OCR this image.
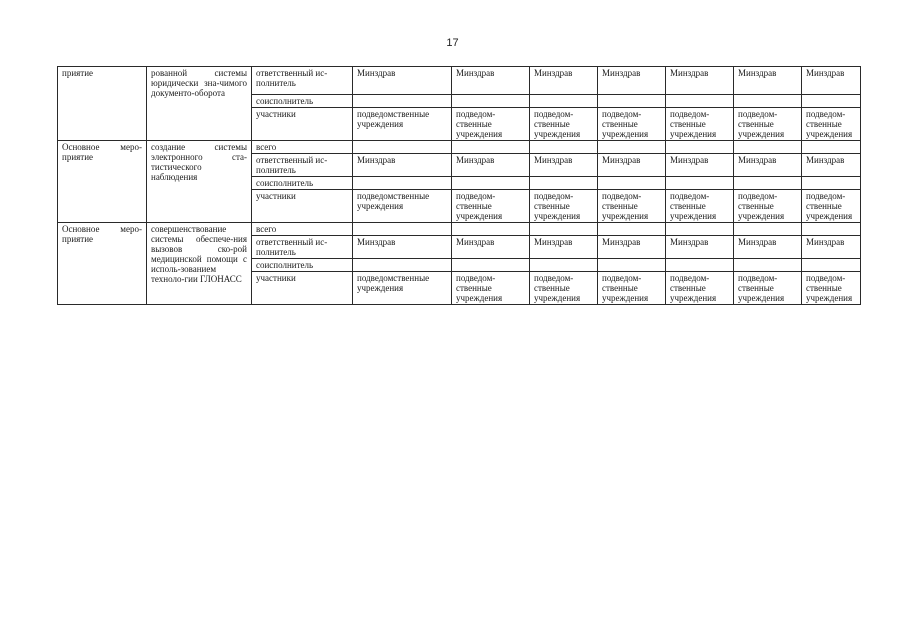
17
приятие	рованной системы юридически зна-чимого документо-оборота	ответственный ис-полнитель	Минздрав	Минздрав	Минздрав	Минздрав	Минздрав	Минздрав	Минздрав
		соисполнитель							
		участники	подведомственные учреждения	подведом-ственные учреждения	подведом-ственные учреждения	подведом-ственные учреждения	подведом-ственные учреждения	подведом-ственные учреждения	подведом-ственные учреждения
Основное меро-приятие	создание системы электронного ста-тистического наблюдения	всего							
		ответственный ис-полнитель	Минздрав	Минздрав	Минздрав	Минздрав	Минздрав	Минздрав	Минздрав
		соисполнитель							
		участники	подведомственные учреждения	подведом-ственные учреждения	подведом-ственные учреждения	подведом-ственные учреждения	подведом-ственные учреждения	подведом-ственные учреждения	подведом-ственные учреждения
Основное меро-приятие	совершенствование системы обеспече-ния вызовов ско-рой медицинской помощи с исполь-зованием техноло-гии ГЛОНАСС	всего							
		ответственный ис-полнитель	Минздрав	Минздрав	Минздрав	Минздрав	Минздрав	Минздрав	Минздрав
		соисполнитель							
		участники	подведомственные учреждения	подведом-ственные учреждения	подведом-ственные учреждения	подведом-ственные учреждения	подведом-ственные учреждения	подведом-ственные учреждения	подведом-ственные учреждения
